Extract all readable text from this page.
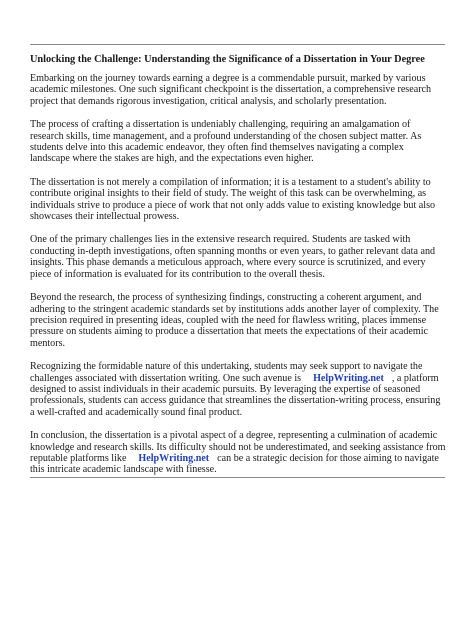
Unlocking the Challenge: Understanding the Significance of a Dissertation in Your Degree

Embarking on the journey towards earning a degree is a commendable pursuit, marked by various academic milestones. One such significant checkpoint is the dissertation, a comprehensive research project that demands rigorous investigation, critical analysis, and scholarly presentation.

The process of crafting a dissertation is undeniably challenging, requiring an amalgamation of research skills, time management, and a profound understanding of the chosen subject matter. As students delve into this academic endeavor, they often find themselves navigating a complex landscape where the stakes are high, and the expectations even higher.

The dissertation is not merely a compilation of information; it is a testament to a student's ability to contribute original insights to their field of study. The weight of this task can be overwhelming, as individuals strive to produce a piece of work that not only adds value to existing knowledge but also showcases their intellectual prowess.

One of the primary challenges lies in the extensive research required. Students are tasked with conducting in-depth investigations, often spanning months or even years, to gather relevant data and insights. This phase demands a meticulous approach, where every source is scrutinized, and every piece of information is evaluated for its contribution to the overall thesis.

Beyond the research, the process of synthesizing findings, constructing a coherent argument, and adhering to the stringent academic standards set by institutions adds another layer of complexity. The precision required in presenting ideas, coupled with the need for flawless writing, places immense pressure on students aiming to produce a dissertation that meets the expectations of their academic mentors.

Recognizing the formidable nature of this undertaking, students may seek support to navigate the challenges associated with dissertation writing. One such avenue is HelpWriting.net , a platform designed to assist individuals in their academic pursuits. By leveraging the expertise of seasoned professionals, students can access guidance that streamlines the dissertation-writing process, ensuring a well-crafted and academically sound final product.

In conclusion, the dissertation is a pivotal aspect of a degree, representing a culmination of academic knowledge and research skills. Its difficulty should not be underestimated, and seeking assistance from reputable platforms like HelpWriting.net can be a strategic decision for those aiming to navigate this intricate academic landscape with finesse.
